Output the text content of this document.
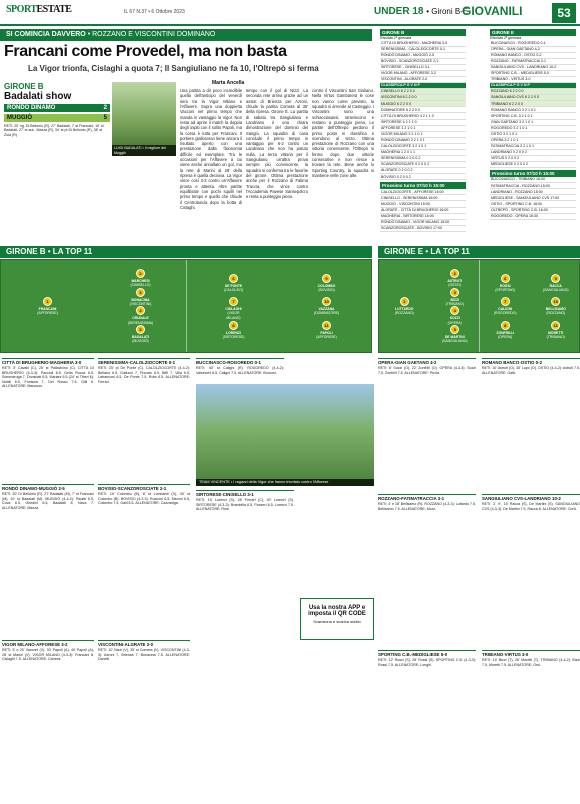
SPORTESTATE	IL 67 N.37 • 6 Ottobre 2023	UNDER 18 • Gironi B-E
GIOVANILI	53
SI COMINCIA DAVVERO • ROZZANO E VISCONTINI DOMINANO
Francani come Provedel, ma non basta
La Vigor trionfa, Cislaghi a quota 7; Il Sangiuliano ne fa 10, l'Oltrepò si ferma
GIRONE B
Badalati show
RONDÒ DINAMO	2
MUGGIÒ	5
RETI: 20' ng. Di Bellonio (R), 27' Badalati, 7' st Francani, 10' st Badalati, 27' st aut., Mazza (R), 34' st pt Di Bellonio (R), 38' st Zoia (R).
LUIGI BADALATI • Il migliore del Muggiò
Marta Ancella
Una partita a dir poco incredibile quella dell'anticipo del venerdì sera tra la Vigor Milano e l'Affavere. Sopra una doppietta Vacconi nel primo tempo che manda in vantaggio la Vigor. Non resta ad aprire il match la doppia degli ospiti con il solito Papoli, ma la corsa è tutta per Francani. Il portiere giallorosso tiene ancora il risultato aperto con una prestazione dalla fisionomia difficile ed esemplare. Tra le occasioni per l'Affavere a cui viene anche annullato un gol, ma la rete di Marini al 28' della ripresa è quella decisiva. La Vigor vince così 3-2 contro un'Affavere pronta e attenta. Altre partite equilibrate con pochi squilli nel primo tempo e quello che chiude il Centrolancia dopo la botta di Cislaghi.
tempo con il gol di Nizzi. La seconda rete arriva grazie ad un assist di Brienza per Azroni, chiude la partita Cometa al 35' della ripresa. Girone E. La partita di sabato tra Sangiuliano e Landriano è una chiara dimostrazione del dominio del Sangiù. La squadra di casa conclude il primo tempo in vantaggio per 6-2 contro un Landriano che non ha potuto nulla. La terza vittoria per il Sangiuliano, un'altra prova sempre più convincente, la squadra si conferma tra le favorite del girone. Ottima prestazione anche per il Rozzano di Fatima Traccia, che vince contro l'Accademia Pavese Sansepolcro e resta a punteggio pieno.
contro il Viscontini San Giuliano. Nella Virtus Gambarera le cose non vanno come previsto, la squadra si arrende al Casteggio. I Viscontini sono una schiacciasassi, stravincono e restano a punteggio pieno, Le partite dell'Oltrepò perdono il primo posto in classifica e scendono al terzo. Ottima prestazione di Rozzano con una vittoria convincente, l'Oltrepò si ferma dopo due vittorie consecutive e non riesce a trovare la rete. Bene anche lo Sporting Country, la squadra si mantiene nelle zone alte.
GIRONE B
Risultati 2ª giornata
CITTÀ DI BRUGHERIO - MAGHERIA 3-0
SERENISSIMA - CALOLZIOCORTE 0-1
RONDÒ DINAMO - MUGGIÒ 2-5
BOVISIO - SCANZOROSCIATE 2-1
SIRTORESE - CINISELLO 3-1
VIGOR MILANO - AFFORESE 3-2
VISCONTINI - ALGRATE 2-0
CLASSIFICA P G V N P
CINISELLO 6 2 2 0 0
VISCONTINI 6 2 2 0 0
MUGGIÒ 6 2 2 0 0
DOMINATORE 6 2 2 0 0
CITTÀ DI BRUGHERIO 4 2 1 1 0
SIRTORESE 4 2 1 1 0
AFFORESE 3 2 1 0 1
VIGOR MILANO 3 2 1 0 1
RONDÒ DINAMO 3 2 1 0 1
CALOLZIOCORTE 3 2 1 0 1
MAGHERIA 1 2 0 1 1
SERENISSIMA 0 2 0 0 2
SCANZOROSCIATE 0 2 0 0 2
ALGRATE 0 2 0 0 2
BOVISIO 0 2 0 0 2
Prossimo turno 07/10 h 15:00
CALOLZIOCORTE - AFFORESE 16:00
CINISELLO - SERENISSIMA 16:00
MUGGIÒ - VISCONTINI 15:00
ALGRATE - CITTÀ DI BRUGHERIO 16:00
MAGHERIA - SIRTORESE 16:00
RONDÒ DINAMO - VIGOR MILANO 15:00
SCANZOROSCIATE - BOVISIO 17:00
GIRONE E
Risultati 2ª giornata
BUCCINASCO - ROGOREDO 0-1
OPERA - GIAN GAETANO 4-2
ROMANO BANCO - OSTIO 0-2
ROZZANO - FATIMATRACCIA 3-1
SANGIULIANO CVS - LANDRIANO 10-2
SPORTING C.B. - MEDIGLIESE 5-0
TRIBIANO - VIRTUS 3-0
CLASSIFICA P G V N P
ROZZANO 6 2 2 0 0
SANGIULIANO CVS 6 2 2 0 0
TRIBIANO 6 2 2 0 0
ROMANO BANCO 3 2 1 0 1
SPORTING C.B. 3 2 1 0 1
GIAN GAETANO 3 2 1 0 1
ROGOREDO 3 2 1 0 1
OSTIO 3 2 1 0 1
OPERA 3 2 1 0 1
FATIMATRACCIA 3 2 1 0 1
LANDRIANO 0 2 0 0 2
VIRTUS 0 2 0 0 2
MEDIGLIESE 0 2 0 0 2
Prossimo turno 07/10 h 15:00
BUCCINASCO - TRIBIANO 16:00
FATIMATRACCIA - ROZZANO 15:00
LANDRIANO - ROZZANO 15:00
MEDIGLIESE - SANGIULIANO CVS 17:00
OSTIO - SPORTING C.B. 16:00
OLTREPÒ - SPORTING C.B. 16:00
ROGOREDO - OPERA 16:30
GIRONE B • LA TOP 11	GIRONE E • LA TOP 11
1
FRANCANI
(AFFORESE)
2
MARCHESI
(CINISELLO)
3
BONACINA
(VISCONTINI)
4
CRUDALE
(SERENISSIMA)
5
BADALATI
(MUGGIÒ)
6
DE PONTE
(CALOLZIO)
7
CISLAGHI
(VIGOR MILANO)
8
LORENZI
(SIRTORESE)
9
COLOMBO
(BOVISIO)
10
VAZZANA
(DOMINATORE)
11
PAPOLI
(AFFORESE)
1
LUTTARDO
(ROZZANO)
2
ASTRUTI
(OSTIO)
3
BIZZI
(TRIBIANO)
4
SOZZI
(OPERA)
5
DE MARTINI
(SANGIULIANO)
6
ROSSI
(SPORTING)
7
CALIGNI
(ROGOREDO)
8
ZONFRILLI
(OPERA)
9
RACCA
(SANGIULIANO)
10
BELLISAMO
(ROZZANO)
11
MORETTI
(TRIBIANO)
CITTÀ DI BRUGHERIO-MAGHERIA 3-0
RETI: 5' Cavalli (C), 25' st Pallavicino (C). CITTÀ DI BRUGHERIO (4-3-3): Paccioli 6.5, Della Rocca 6.5, Sommaruga 7, Dominati 6.5, Mariani 6.5 (24' st Tiberi 6), Nobili 6.5, Fontana 7, Del Rosso 7.5, Gilli 6. ALLENATORE: Mancuso.
SERENISSIMA-CALOLZIOCORTE 0-1
RETI: 25' pt De Ponte (C). CALOLZIOCORTE (4-4-2): Bellano 6.5, Gallucci 7, Pizzato 6.5, Biffi 7, Villa 6.5, Lafranconi 6.5, De Ponte 7.5, Rota 6.5. ALLENATORE: Ferrari.
RONDÒ DINAMO-MUGGIÒ 2-5
RETI: 20' Di Bellonio (R), 27' Badalati (M), 7' st Francani (M), 10' st Badalati (M). MUGGIÒ (4-4-2): Ricatti 6.5, Cova 6.5, Ghedini 6.5, Badalati 8, Nava 7. ALLENATORE: Mazza.
BOVISIO-SCANZOROSCIATE 2-1
RETI: 19' Colombo (B), 8' st Lombardi (S), 30' st Colombo (B). BOVISIO (4-3-3): Rusconi 6.5, Meroni 6.5, Colombo 7.5, Galli 6.5. ALLENATORE: Cazzaniga.
SIRTORESE-CINISELLO 3-1
RETI: 15' Lorenzi (S), 28' Ferrari (C), 40' Lorenzi (S). SIRTORESE (4-3-3): Brambilla 6.5, Panzeri 6.5, Lorenzi 7.5. ALLENATORE: Riva.
VIGOR MILANO-AFFORESE 3-2
RETI: 5' e 20' Vacconi (V), 30' Papoli (A), 40' Papoli (A), 28' st Marini (V). VIGOR MILANO (4-3-3): Francani 8, Cislaghi 7.5. ALLENATORE: Carrera.
VISCONTINI-ALGRATE 2-0
RETI: 10' Nizzi (V), 35' st Cometa (V). VISCONTINI (4-3-3): Azroni 7, Brienza 7, Bonacina 7.5. ALLENATORE: Danelli.
BUCCINASCO-ROGOREDO 0-1
RETI: 40' st Caligni (R). ROGOREDO (4-4-2): Valsecchi 6.5, Caligni 7.5. ALLENATORE: Bonomi.
OPERA-GIAN GAETANO 4-2
RETI: 8' Sozzi (O), 22' Zonfrilli (O). OPERA (4-3-3): Sozzi 7.5, Zonfrilli 7.5. ALLENATORE: Pirola.
ROMANO BANCO-OSTIO 0-2
RETI: 10' Astruti (O), 35' Lupo (O). OSTIO (4-4-2): Astruti 7.5. ALLENATORE: Gatti.
ROZZANO-FATIMATRACCIA 3-1
RETI: 4' e 18' Bellisamo (R). ROZZANO (4-3-3): Luttardo 7.5, Bellisamo 7.5. ALLENATORE: Moro.
SANGIULIANO CVS-LANDRIANO 10-2
RETI: 3', 9', 15' Racca (S), De Martini (S). SANGIULIANO CVS (4-3-3): De Martini 7.5, Racca 8. ALLENATORE: Corti.
SPORTING C.B.-MEDIGLIESE 5-0
RETI: 12' Rossi (S), 28' Rossi (S). SPORTING C.B. (4-3-3): Rossi 7.5. ALLENATORE: Longhi.
TRIBIANO-VIRTUS 3-0
RETI: 14' Bizzi (T), 26' Moretti (T). TRIBIANO (4-4-2): Bizzi 7.5, Moretti 7.5. ALLENATORE: Orsi.
TEAM VINCENTE • I ragazzi della Vigor che hanno trionfato contro l'Afforese
Usa la nostra APP e imposta il QR CODE
Scansiona e scarica subito
